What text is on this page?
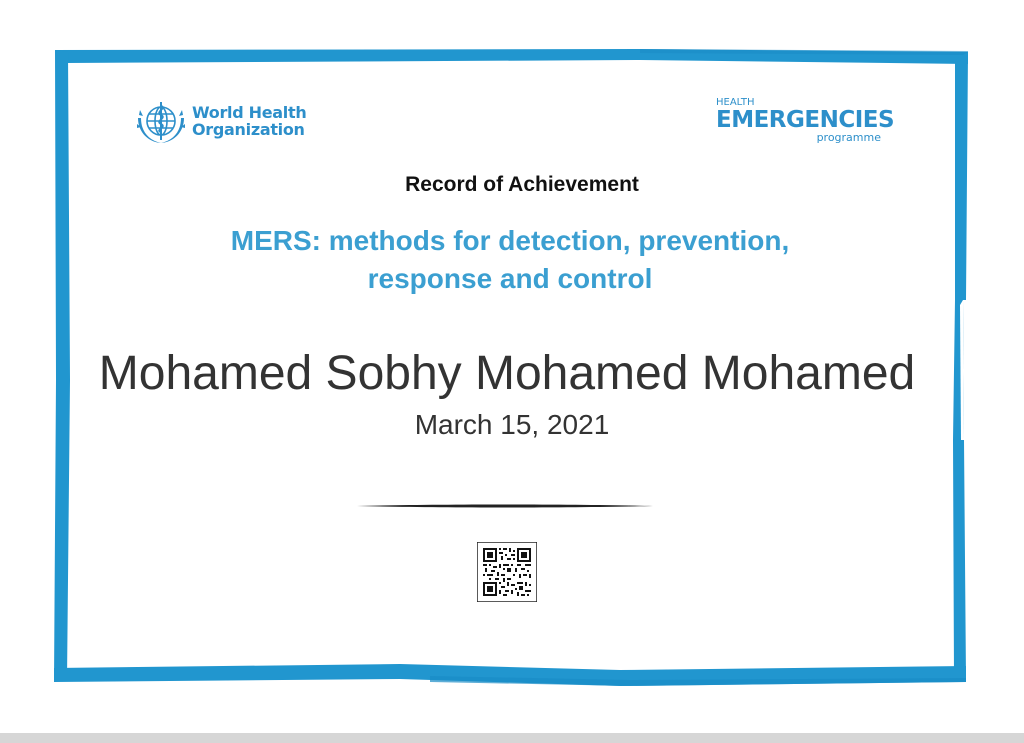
World Health
Organization
HEALTH
EMERGENCIES
programme
Record of Achievement
MERS: methods for detection, prevention,
response and control
Mohamed Sobhy Mohamed Mohamed
March 15, 2021
